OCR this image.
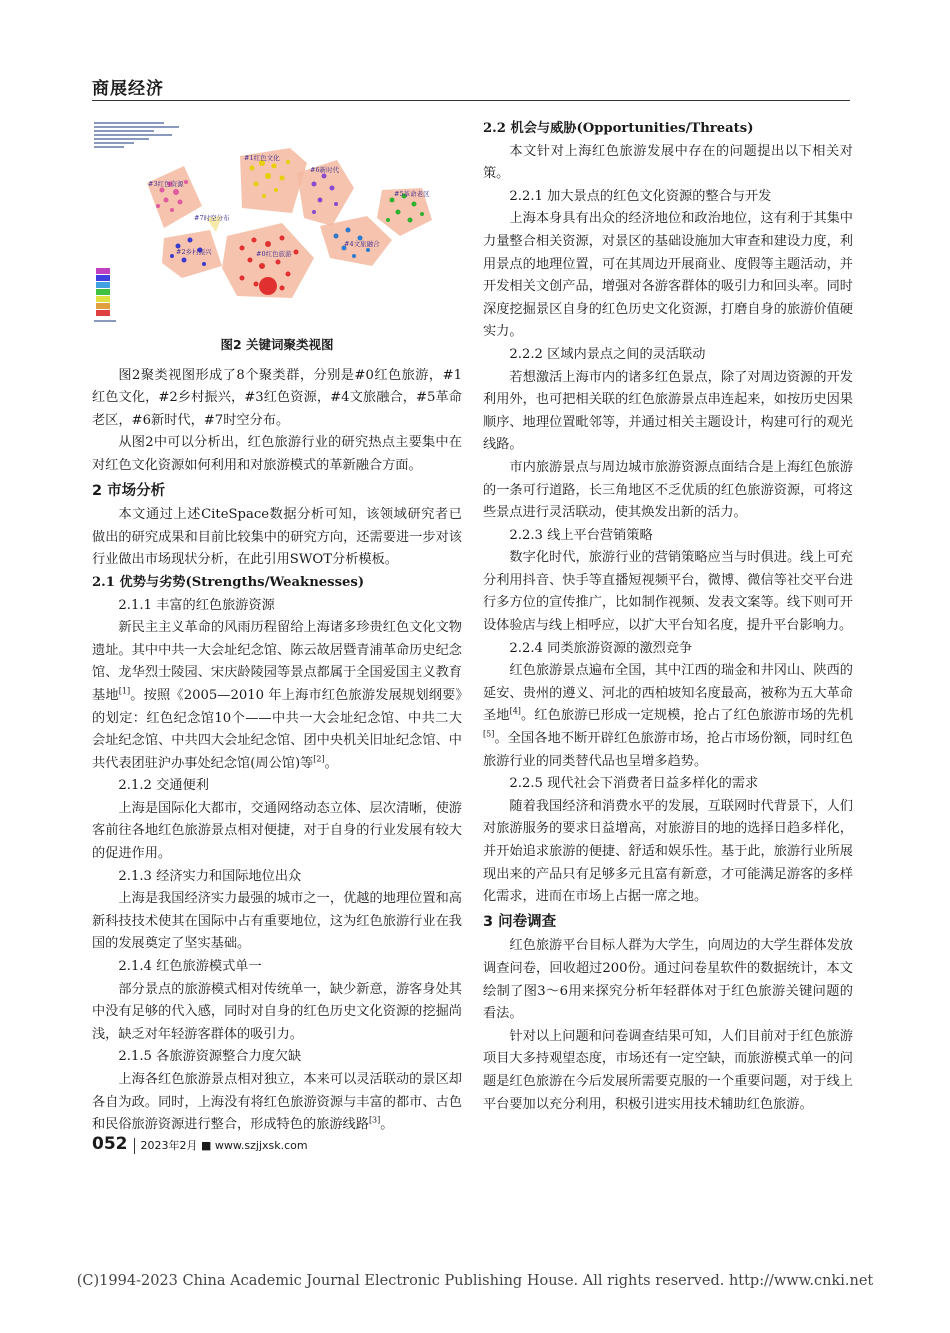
商展经济
#3红色资源
#1红色文化
#6新时代
#5革命老区
#4文旅融合
#2乡村振兴	#0红色旅游
#7时空分布
图2 关键词聚类视图

图2聚类视图形成了8个聚类群，分别是#0红色旅游，#1红色文化，#2乡村振兴，#3红色资源，#4文旅融合，#5革命老区，#6新时代，#7时空分布。

从图2中可以分析出，红色旅游行业的研究热点主要集中在对红色文化资源如何利用和对旅游模式的革新融合方面。

2 市场分析

本文通过上述CiteSpace数据分析可知，该领域研究者已做出的研究成果和目前比较集中的研究方向，还需要进一步对该行业做出市场现状分析，在此引用SWOT分析模板。

2.1 优势与劣势(Strengths/Weaknesses)
2.1.1 丰富的红色旅游资源

新民主主义革命的风雨历程留给上海诸多珍贵红色文化文物遗址。其中中共一大会址纪念馆、陈云故居暨青浦革命历史纪念馆、龙华烈士陵园、宋庆龄陵园等景点都属于全国爱国主义教育基地[1]。按照《2005—2010 年上海市红色旅游发展规划纲要》的划定：红色纪念馆10个——中共一大会址纪念馆、中共二大会址纪念馆、中共四大会址纪念馆、团中央机关旧址纪念馆、中共代表团驻沪办事处纪念馆(周公馆)等[2]。

2.1.2 交通便利

上海是国际化大都市，交通网络动态立体、层次清晰，使游客前往各地红色旅游景点相对便捷，对于自身的行业发展有较大的促进作用。

2.1.3 经济实力和国际地位出众

上海是我国经济实力最强的城市之一，优越的地理位置和高新科技技术使其在国际中占有重要地位，这为红色旅游行业在我国的发展奠定了坚实基础。

2.1.4 红色旅游模式单一

部分景点的旅游模式相对传统单一，缺少新意，游客身处其中没有足够的代入感，同时对自身的红色历史文化资源的挖掘尚浅，缺乏对年轻游客群体的吸引力。

2.1.5 各旅游资源整合力度欠缺

上海各红色旅游景点相对独立，本来可以灵活联动的景区却各自为政。同时，上海没有将红色旅游资源与丰富的都市、古色和民俗旅游资源进行整合，形成特色的旅游线路[3]。

2.2 机会与威胁(Opportunities/Threats)

本文针对上海红色旅游发展中存在的问题提出以下相关对策。

2.2.1 加大景点的红色文化资源的整合与开发

上海本身具有出众的经济地位和政治地位，这有利于其集中力量整合相关资源，对景区的基础设施加大审查和建设力度，利用景点的地理位置，可在其周边开展商业、度假等主题活动，并开发相关文创产品，增强对各游客群体的吸引力和回头率。同时深度挖掘景区自身的红色历史文化资源，打磨自身的旅游价值硬实力。

2.2.2 区域内景点之间的灵活联动

若想激活上海市内的诸多红色景点，除了对周边资源的开发利用外，也可把相关联的红色旅游景点串连起来，如按历史因果顺序、地理位置毗邻等，并通过相关主题设计，构建可行的观光线路。

市内旅游景点与周边城市旅游资源点面结合是上海红色旅游的一条可行道路，长三角地区不乏优质的红色旅游资源，可将这些景点进行灵活联动，使其焕发出新的活力。

2.2.3 线上平台营销策略

数字化时代，旅游行业的营销策略应当与时俱进。线上可充分利用抖音、快手等直播短视频平台，微博、微信等社交平台进行多方位的宣传推广，比如制作视频、发表文案等。线下则可开设体验店与线上相呼应，以扩大平台知名度，提升平台影响力。

2.2.4 同类旅游资源的激烈竞争

红色旅游景点遍布全国，其中江西的瑞金和井冈山、陕西的延安、贵州的遵义、河北的西柏坡知名度最高，被称为五大革命圣地[4]。红色旅游已形成一定规模，抢占了红色旅游市场的先机[5]。全国各地不断开辟红色旅游市场，抢占市场份额，同时红色旅游行业的同类替代品也呈增多趋势。

2.2.5 现代社会下消费者日益多样化的需求

随着我国经济和消费水平的发展，互联网时代背景下，人们对旅游服务的要求日益增高，对旅游目的地的选择日趋多样化，并开始追求旅游的便捷、舒适和娱乐性。基于此，旅游行业所展现出来的产品只有足够多元且富有新意，才可能满足游客的多样化需求，进而在市场上占据一席之地。

3 问卷调查

红色旅游平台目标人群为大学生，向周边的大学生群体发放调查问卷，回收超过200份。通过问卷星软件的数据统计，本文绘制了图3～6用来探究分析年轻群体对于红色旅游关键问题的看法。

针对以上问题和问卷调查结果可知，人们目前对于红色旅游项目大多持观望态度，市场还有一定空缺，而旅游模式单一的问题是红色旅游在今后发展所需要克服的一个重要问题，对于线上平台要加以充分利用，积极引进实用技术辅助红色旅游。

052 2023年2月 ■ www.szjjxsk.com
(C)1994-2023 China Academic Journal Electronic Publishing House. All rights reserved. http://www.cnki.net
